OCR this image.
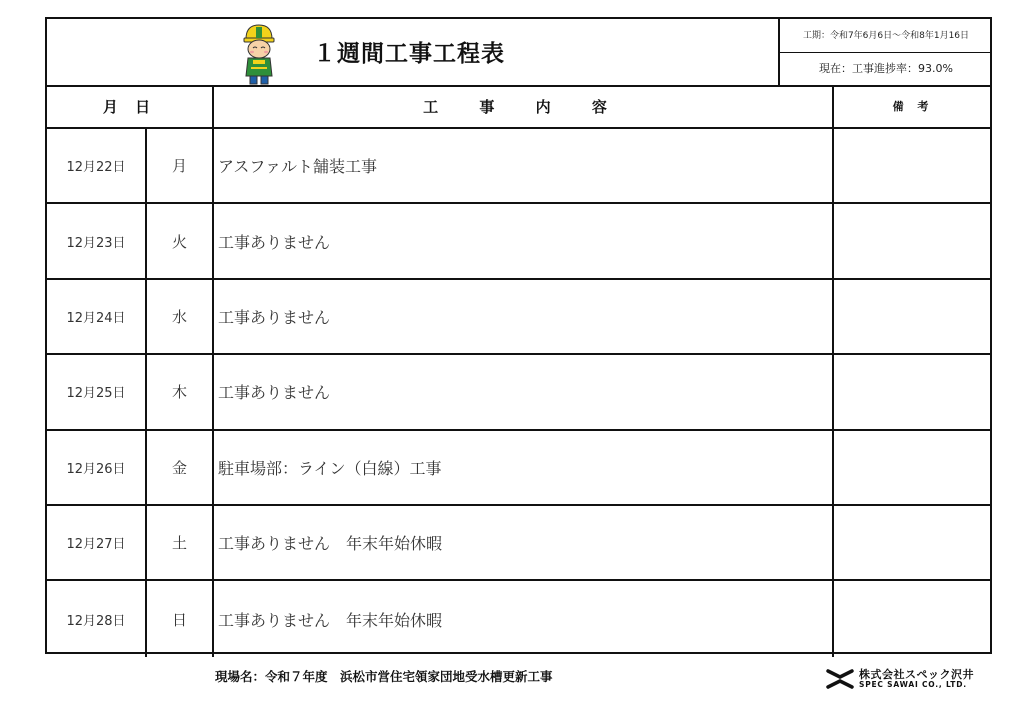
１週間工事工程表
工期：令和7年6月6日～令和8年1月16日
現在：工事進捗率：93.0%
月 日	工 事 内 容	備 考
12月22日	月	アスファルト舗装工事
12月23日	火	工事ありません
12月24日	水	工事ありません
12月25日	木	工事ありません
12月26日	金	駐車場部：ライン（白線）工事
12月27日	土	工事ありません　年末年始休暇
12月28日	日	工事ありません　年末年始休暇
現場名：令和７年度　浜松市営住宅領家団地受水槽更新工事	株式会社スペック沢井
SPEC SAWAI CO., LTD.
